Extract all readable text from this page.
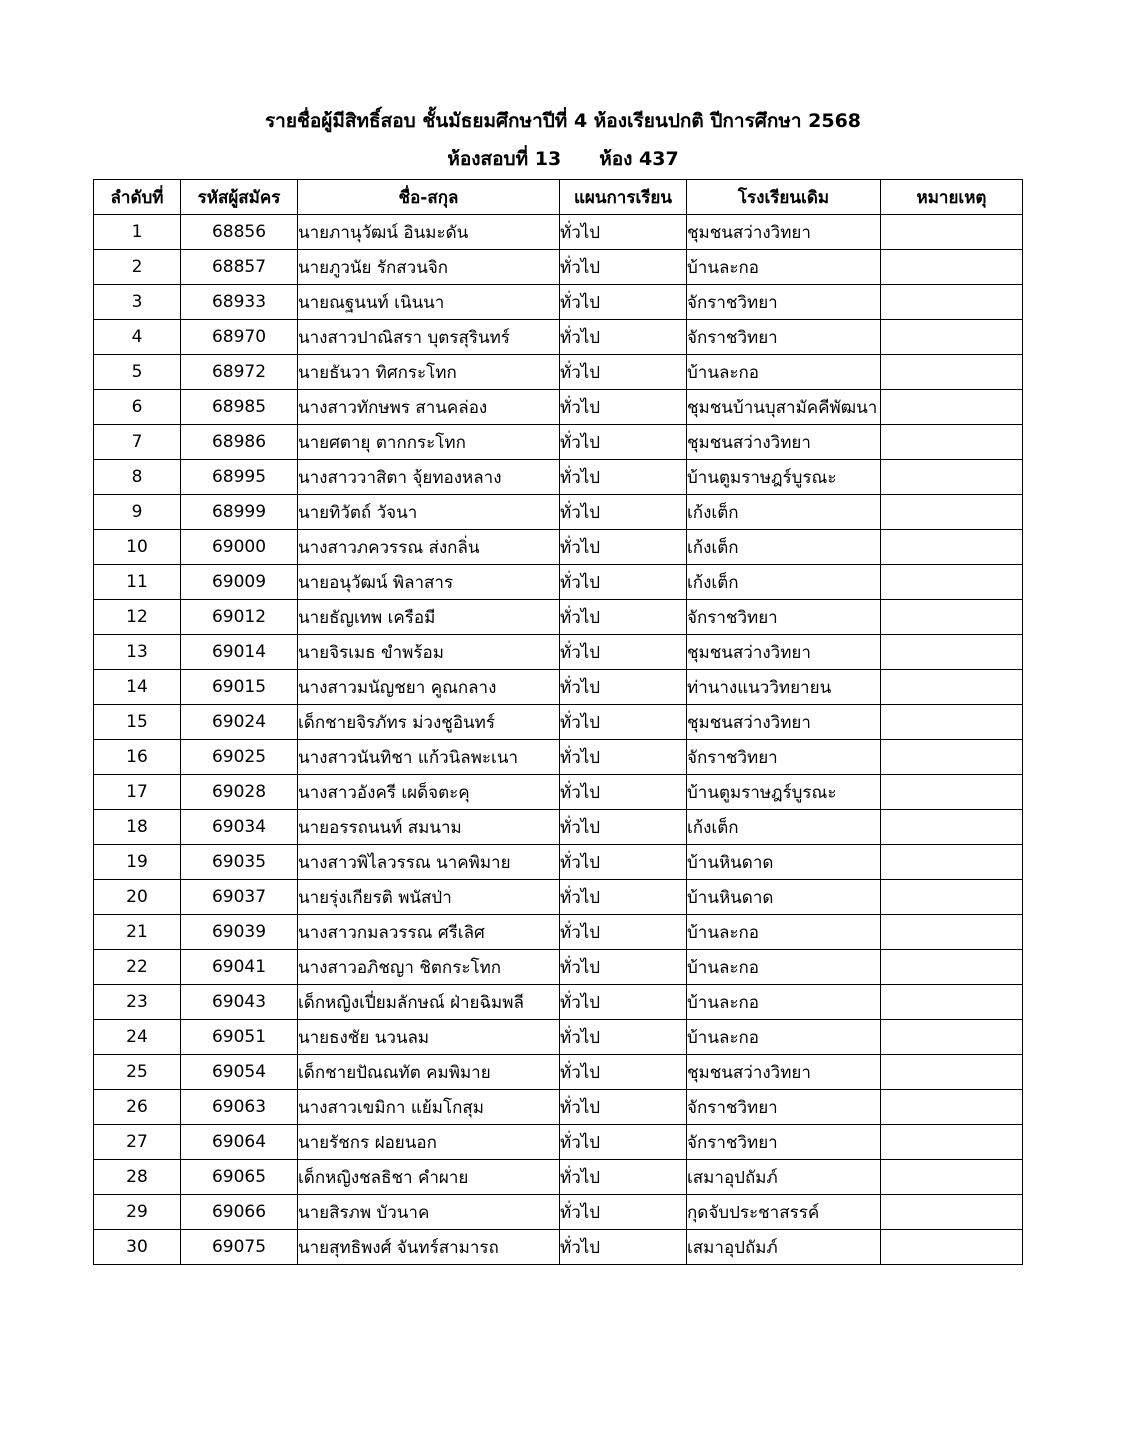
รายชื่อผู้มีสิทธิ์สอบ ชั้นมัธยมศึกษาปีที่ 4 ห้องเรียนปกติ ปีการศึกษา 2568
ห้องสอบที่ 13 ห้อง 437
ลำดับที่	รหัสผู้สมัคร	ชื่อ-สกุล	แผนการเรียน	โรงเรียนเดิม	หมายเหตุ
1	68856	นายภานุวัฒน์ อินมะดัน	ทั่วไป	ชุมชนสว่างวิทยา	
2	68857	นายภูวนัย รักสวนจิก	ทั่วไป	บ้านละกอ	
3	68933	นายณฐนนท์ เนินนา	ทั่วไป	จักราชวิทยา	
4	68970	นางสาวปาณิสรา บุตรสุรินทร์	ทั่วไป	จักราชวิทยา	
5	68972	นายธันวา ทิศกระโทก	ทั่วไป	บ้านละกอ	
6	68985	นางสาวทักษพร สานคล่อง	ทั่วไป	ชุมชนบ้านบุสามัคคีพัฒนา	
7	68986	นายศตายุ ตากกระโทก	ทั่วไป	ชุมชนสว่างวิทยา	
8	68995	นางสาววาสิตา จุ้ยทองหลาง	ทั่วไป	บ้านตูมราษฎร์บูรณะ	
9	68999	นายทิวัตถ์ วัจนา	ทั่วไป	เก้งเต็ก	
10	69000	นางสาวภควรรณ ส่งกลิ่น	ทั่วไป	เก้งเต็ก	
11	69009	นายอนุวัฒน์ พิลาสาร	ทั่วไป	เก้งเต็ก	
12	69012	นายธัญเทพ เครือมี	ทั่วไป	จักราชวิทยา	
13	69014	นายจิรเมธ ขำพร้อม	ทั่วไป	ชุมชนสว่างวิทยา	
14	69015	นางสาวมนัญชยา คูณกลาง	ทั่วไป	ท่านางแนววิทยายน	
15	69024	เด็กชายจิรภัทร ม่วงชูอินทร์	ทั่วไป	ชุมชนสว่างวิทยา	
16	69025	นางสาวนันทิชา แก้วนิลพะเนา	ทั่วไป	จักราชวิทยา	
17	69028	นางสาวอังครี เผด็จตะคุ	ทั่วไป	บ้านตูมราษฎร์บูรณะ	
18	69034	นายอรรถนนท์ สมนาม	ทั่วไป	เก้งเต็ก	
19	69035	นางสาวพิไลวรรณ นาคพิมาย	ทั่วไป	บ้านหินดาด	
20	69037	นายรุ่งเกียรติ พนัสป่า	ทั่วไป	บ้านหินดาด	
21	69039	นางสาวกมลวรรณ ศรีเลิศ	ทั่วไป	บ้านละกอ	
22	69041	นางสาวอภิชญา ชิตกระโทก	ทั่วไป	บ้านละกอ	
23	69043	เด็กหญิงเปี่ยมลักษณ์ ฝ่ายฉิมพลี	ทั่วไป	บ้านละกอ	
24	69051	นายธงชัย นวนลม	ทั่วไป	บ้านละกอ	
25	69054	เด็กชายปัณณทัต คมพิมาย	ทั่วไป	ชุมชนสว่างวิทยา	
26	69063	นางสาวเขมิกา แย้มโกสุม	ทั่วไป	จักราชวิทยา	
27	69064	นายรัชกร ฝอยนอก	ทั่วไป	จักราชวิทยา	
28	69065	เด็กหญิงชลธิชา คำผาย	ทั่วไป	เสมาอุปถัมภ์	
29	69066	นายสิรภพ บัวนาค	ทั่วไป	กุดจับประชาสรรค์	
30	69075	นายสุทธิพงศ์ จันทร์สามารถ	ทั่วไป	เสมาอุปถัมภ์	
